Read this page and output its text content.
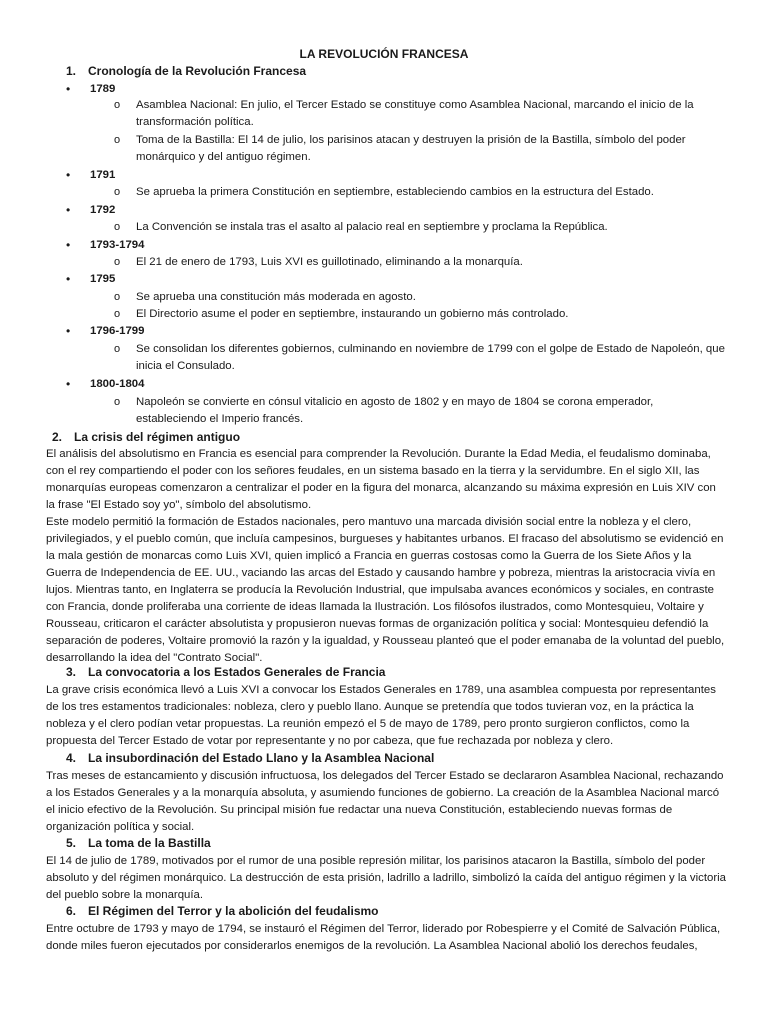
LA REVOLUCIÓN FRANCESA
1. Cronología de la Revolución Francesa
• 1789
o Asamblea Nacional: En julio, el Tercer Estado se constituye como Asamblea Nacional, marcando el inicio de la transformación política.
o Toma de la Bastilla: El 14 de julio, los parisinos atacan y destruyen la prisión de la Bastilla, símbolo del poder monárquico y del antiguo régimen.
• 1791
o Se aprueba la primera Constitución en septiembre, estableciendo cambios en la estructura del Estado.
• 1792
o La Convención se instala tras el asalto al palacio real en septiembre y proclama la República.
• 1793-1794
o El 21 de enero de 1793, Luis XVI es guillotinado, eliminando a la monarquía.
• 1795
o Se aprueba una constitución más moderada en agosto.
o El Directorio asume el poder en septiembre, instaurando un gobierno más controlado.
• 1796-1799
o Se consolidan los diferentes gobiernos, culminando en noviembre de 1799 con el golpe de Estado de Napoleón, que inicia el Consulado.
• 1800-1804
o Napoleón se convierte en cónsul vitalicio en agosto de 1802 y en mayo de 1804 se corona emperador, estableciendo el Imperio francés.
2. La crisis del régimen antiguo
El análisis del absolutismo en Francia es esencial para comprender la Revolución. Durante la Edad Media, el feudalismo dominaba, con el rey compartiendo el poder con los señores feudales, en un sistema basado en la tierra y la servidumbre. En el siglo XII, las monarquías europeas comenzaron a centralizar el poder en la figura del monarca, alcanzando su máxima expresión en Luis XIV con la frase "El Estado soy yo", símbolo del absolutismo.
Este modelo permitió la formación de Estados nacionales, pero mantuvo una marcada división social entre la nobleza y el clero, privilegiados, y el pueblo común, que incluía campesinos, burgueses y habitantes urbanos. El fracaso del absolutismo se evidenció en la mala gestión de monarcas como Luis XVI, quien implicó a Francia en guerras costosas como la Guerra de los Siete Años y la Guerra de Independencia de EE. UU., vaciando las arcas del Estado y causando hambre y pobreza, mientras la aristocracia vivía en lujos. Mientras tanto, en Inglaterra se producía la Revolución Industrial, que impulsaba avances económicos y sociales, en contraste con Francia, donde proliferaba una corriente de ideas llamada la Ilustración. Los filósofos ilustrados, como Montesquieu, Voltaire y Rousseau, criticaron el carácter absolutista y propusieron nuevas formas de organización política y social: Montesquieu defendió la separación de poderes, Voltaire promovió la razón y la igualdad, y Rousseau planteó que el poder emanaba de la voluntad del pueblo, desarrollando la idea del "Contrato Social".
3. La convocatoria a los Estados Generales de Francia
La grave crisis económica llevó a Luis XVI a convocar los Estados Generales en 1789, una asamblea compuesta por representantes de los tres estamentos tradicionales: nobleza, clero y pueblo llano. Aunque se pretendía que todos tuvieran voz, en la práctica la nobleza y el clero podían vetar propuestas. La reunión empezó el 5 de mayo de 1789, pero pronto surgieron conflictos, como la propuesta del Tercer Estado de votar por representante y no por cabeza, que fue rechazada por nobleza y clero.
4. La insubordinación del Estado Llano y la Asamblea Nacional
Tras meses de estancamiento y discusión infructuosa, los delegados del Tercer Estado se declararon Asamblea Nacional, rechazando a los Estados Generales y a la monarquía absoluta, y asumiendo funciones de gobierno. La creación de la Asamblea Nacional marcó el inicio efectivo de la Revolución. Su principal misión fue redactar una nueva Constitución, estableciendo nuevas formas de organización política y social.
5. La toma de la Bastilla
El 14 de julio de 1789, motivados por el rumor de una posible represión militar, los parisinos atacaron la Bastilla, símbolo del poder absoluto y del régimen monárquico. La destrucción de esta prisión, ladrillo a ladrillo, simbolizó la caída del antiguo régimen y la victoria del pueblo sobre la monarquía.
6. El Régimen del Terror y la abolición del feudalismo
Entre octubre de 1793 y mayo de 1794, se instauró el Régimen del Terror, liderado por Robespierre y el Comité de Salvación Pública, donde miles fueron ejecutados por considerarlos enemigos de la revolución. La Asamblea Nacional abolió los derechos feudales,
